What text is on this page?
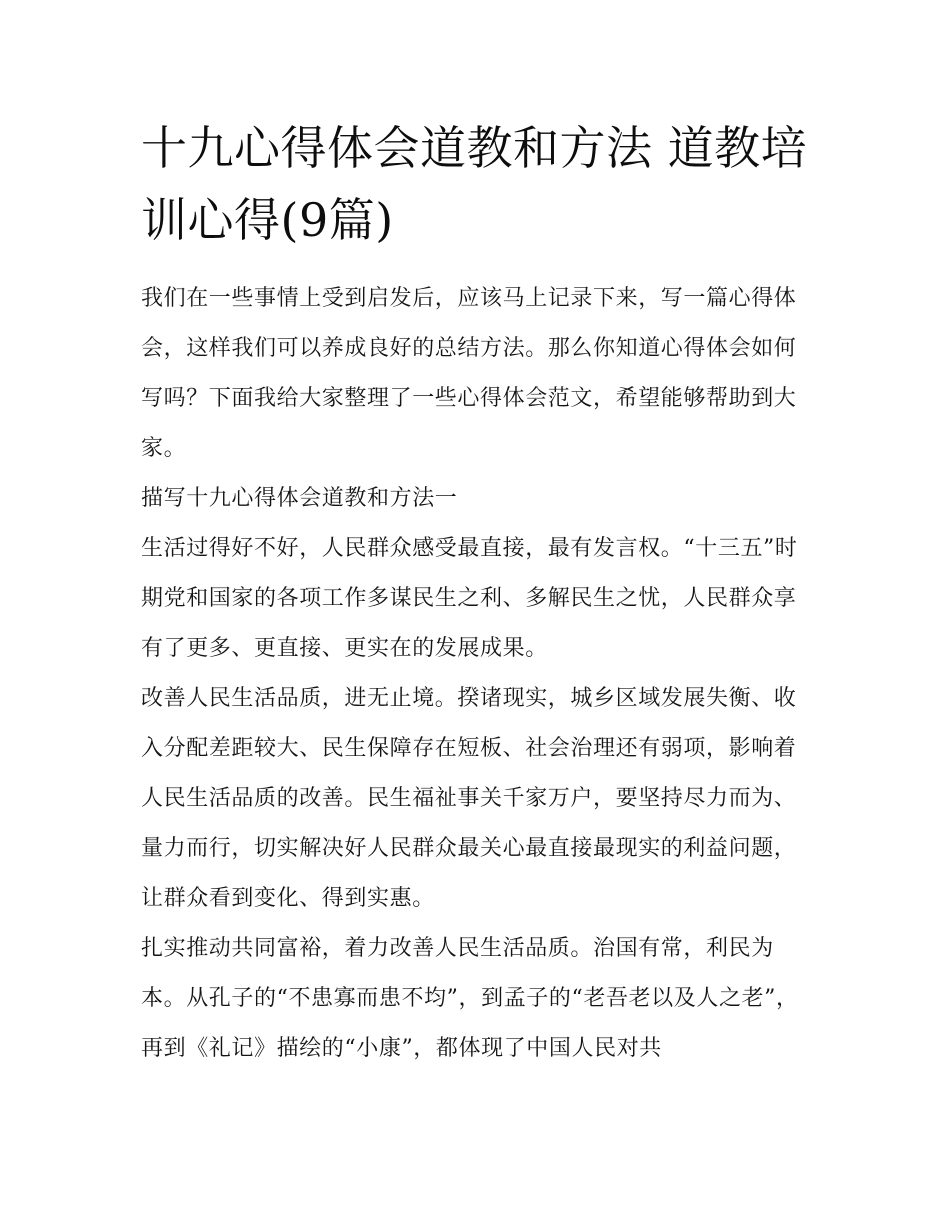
十九心得体会道教和方法 道教培训心得(9篇)

我们在一些事情上受到启发后，应该马上记录下来，写一篇心得体会，这样我们可以养成良好的总结方法。那么你知道心得体会如何写吗？下面我给大家整理了一些心得体会范文，希望能够帮助到大家。

描写十九心得体会道教和方法一

生活过得好不好，人民群众感受最直接，最有发言权。“十三五”时期党和国家的各项工作多谋民生之利、多解民生之忧，人民群众享有了更多、更直接、更实在的发展成果。

改善人民生活品质，进无止境。揆诸现实，城乡区域发展失衡、收入分配差距较大、民生保障存在短板、社会治理还有弱项，影响着人民生活品质的改善。民生福祉事关千家万户，要坚持尽力而为、量力而行，切实解决好人民群众最关心最直接最现实的利益问题，让群众看到变化、得到实惠。

扎实推动共同富裕，着力改善人民生活品质。治国有常，利民为本。从孔子的“不患寡而患不均”，到孟子的“老吾老以及人之老”，再到《礼记》描绘的“小康”，都体现了中国人民对共
